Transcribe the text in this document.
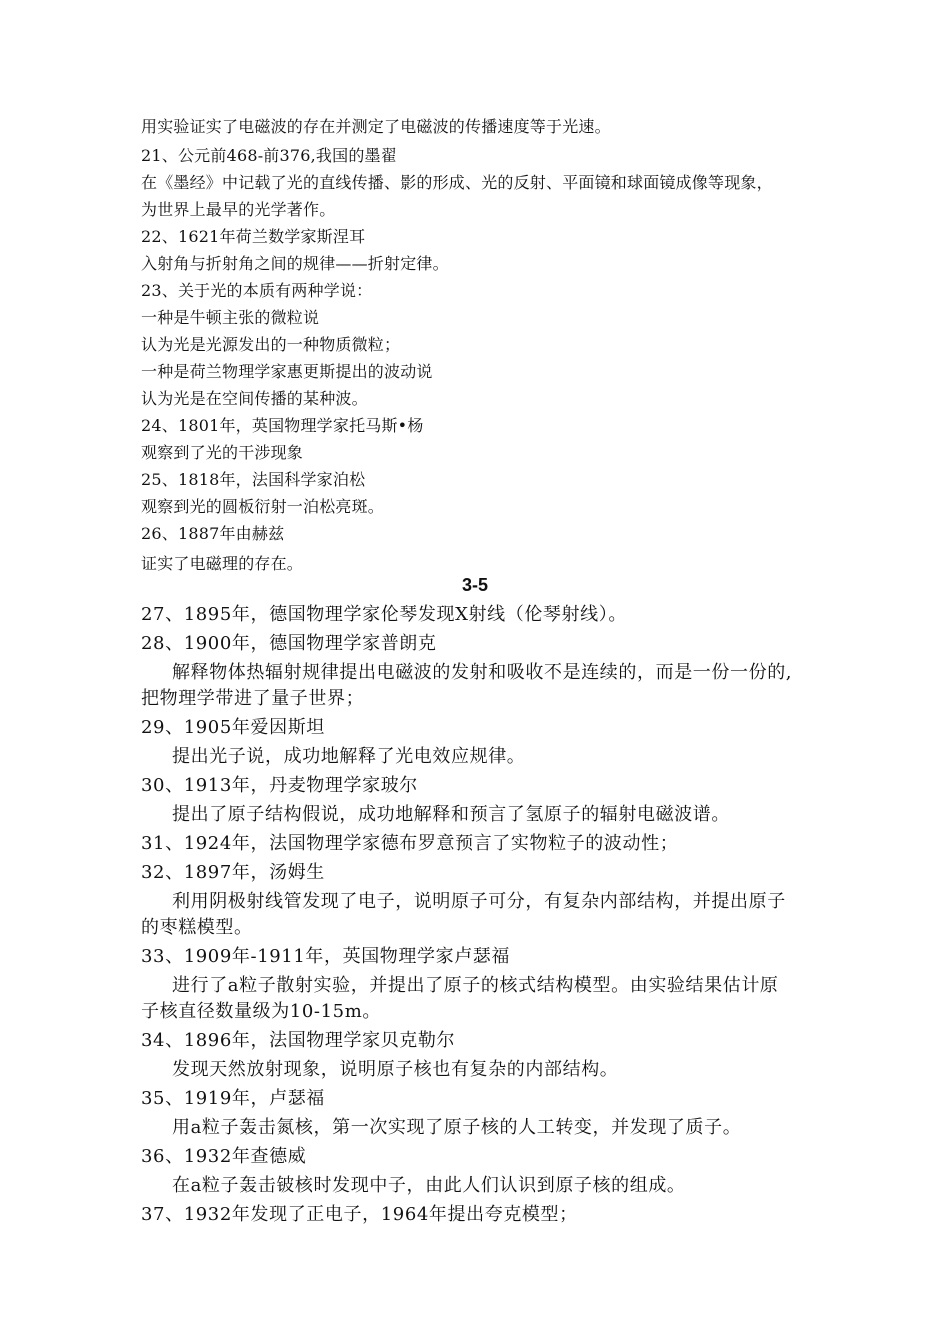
用实验证实了电磁波的存在并测定了电磁波的传播速度等于光速。
21、公元前468-前376,我国的墨翟
在《墨经》中记载了光的直线传播、影的形成、光的反射、平面镜和球面镜成像等现象，
为世界上最早的光学著作。
22、1621年荷兰数学家斯涅耳
入射角与折射角之间的规律——折射定律。
23、关于光的本质有两种学说：
一种是牛顿主张的微粒说
认为光是光源发出的一种物质微粒；
一种是荷兰物理学家惠更斯提出的波动说
认为光是在空间传播的某种波。
24、1801年，英国物理学家托马斯•杨
观察到了光的干涉现象
25、1818年，法国科学家泊松
观察到光的圆板衍射一泊松亮斑。
26、1887年由赫兹
证实了电磁理的存在。
3-5
27、1895年，德国物理学家伦琴发现X射线（伦琴射线）。
28、1900年，德国物理学家普朗克
解释物体热辐射规律提出电磁波的发射和吸收不是连续的，而是一份一份的,
把物理学带进了量子世界；
29、1905年爱因斯坦
提出光子说，成功地解释了光电效应规律。
30、1913年，丹麦物理学家玻尔
提出了原子结构假说，成功地解释和预言了氢原子的辐射电磁波谱。
31、1924年，法国物理学家德布罗意预言了实物粒子的波动性；
32、1897年，汤姆生
利用阴极射线管发现了电子，说明原子可分，有复杂内部结构，并提出原子
的枣糕模型。
33、1909年-1911年，英国物理学家卢瑟福
进行了a粒子散射实验，并提出了原子的核式结构模型。由实验结果估计原
子核直径数量级为10-15m。
34、1896年，法国物理学家贝克勒尔
发现天然放射现象，说明原子核也有复杂的内部结构。
35、1919年，卢瑟福
用a粒子轰击氮核，第一次实现了原子核的人工转变，并发现了质子。
36、1932年查德威
在a粒子轰击铍核时发现中子，由此人们认识到原子核的组成。
37、1932年发现了正电子，1964年提出夸克模型；
